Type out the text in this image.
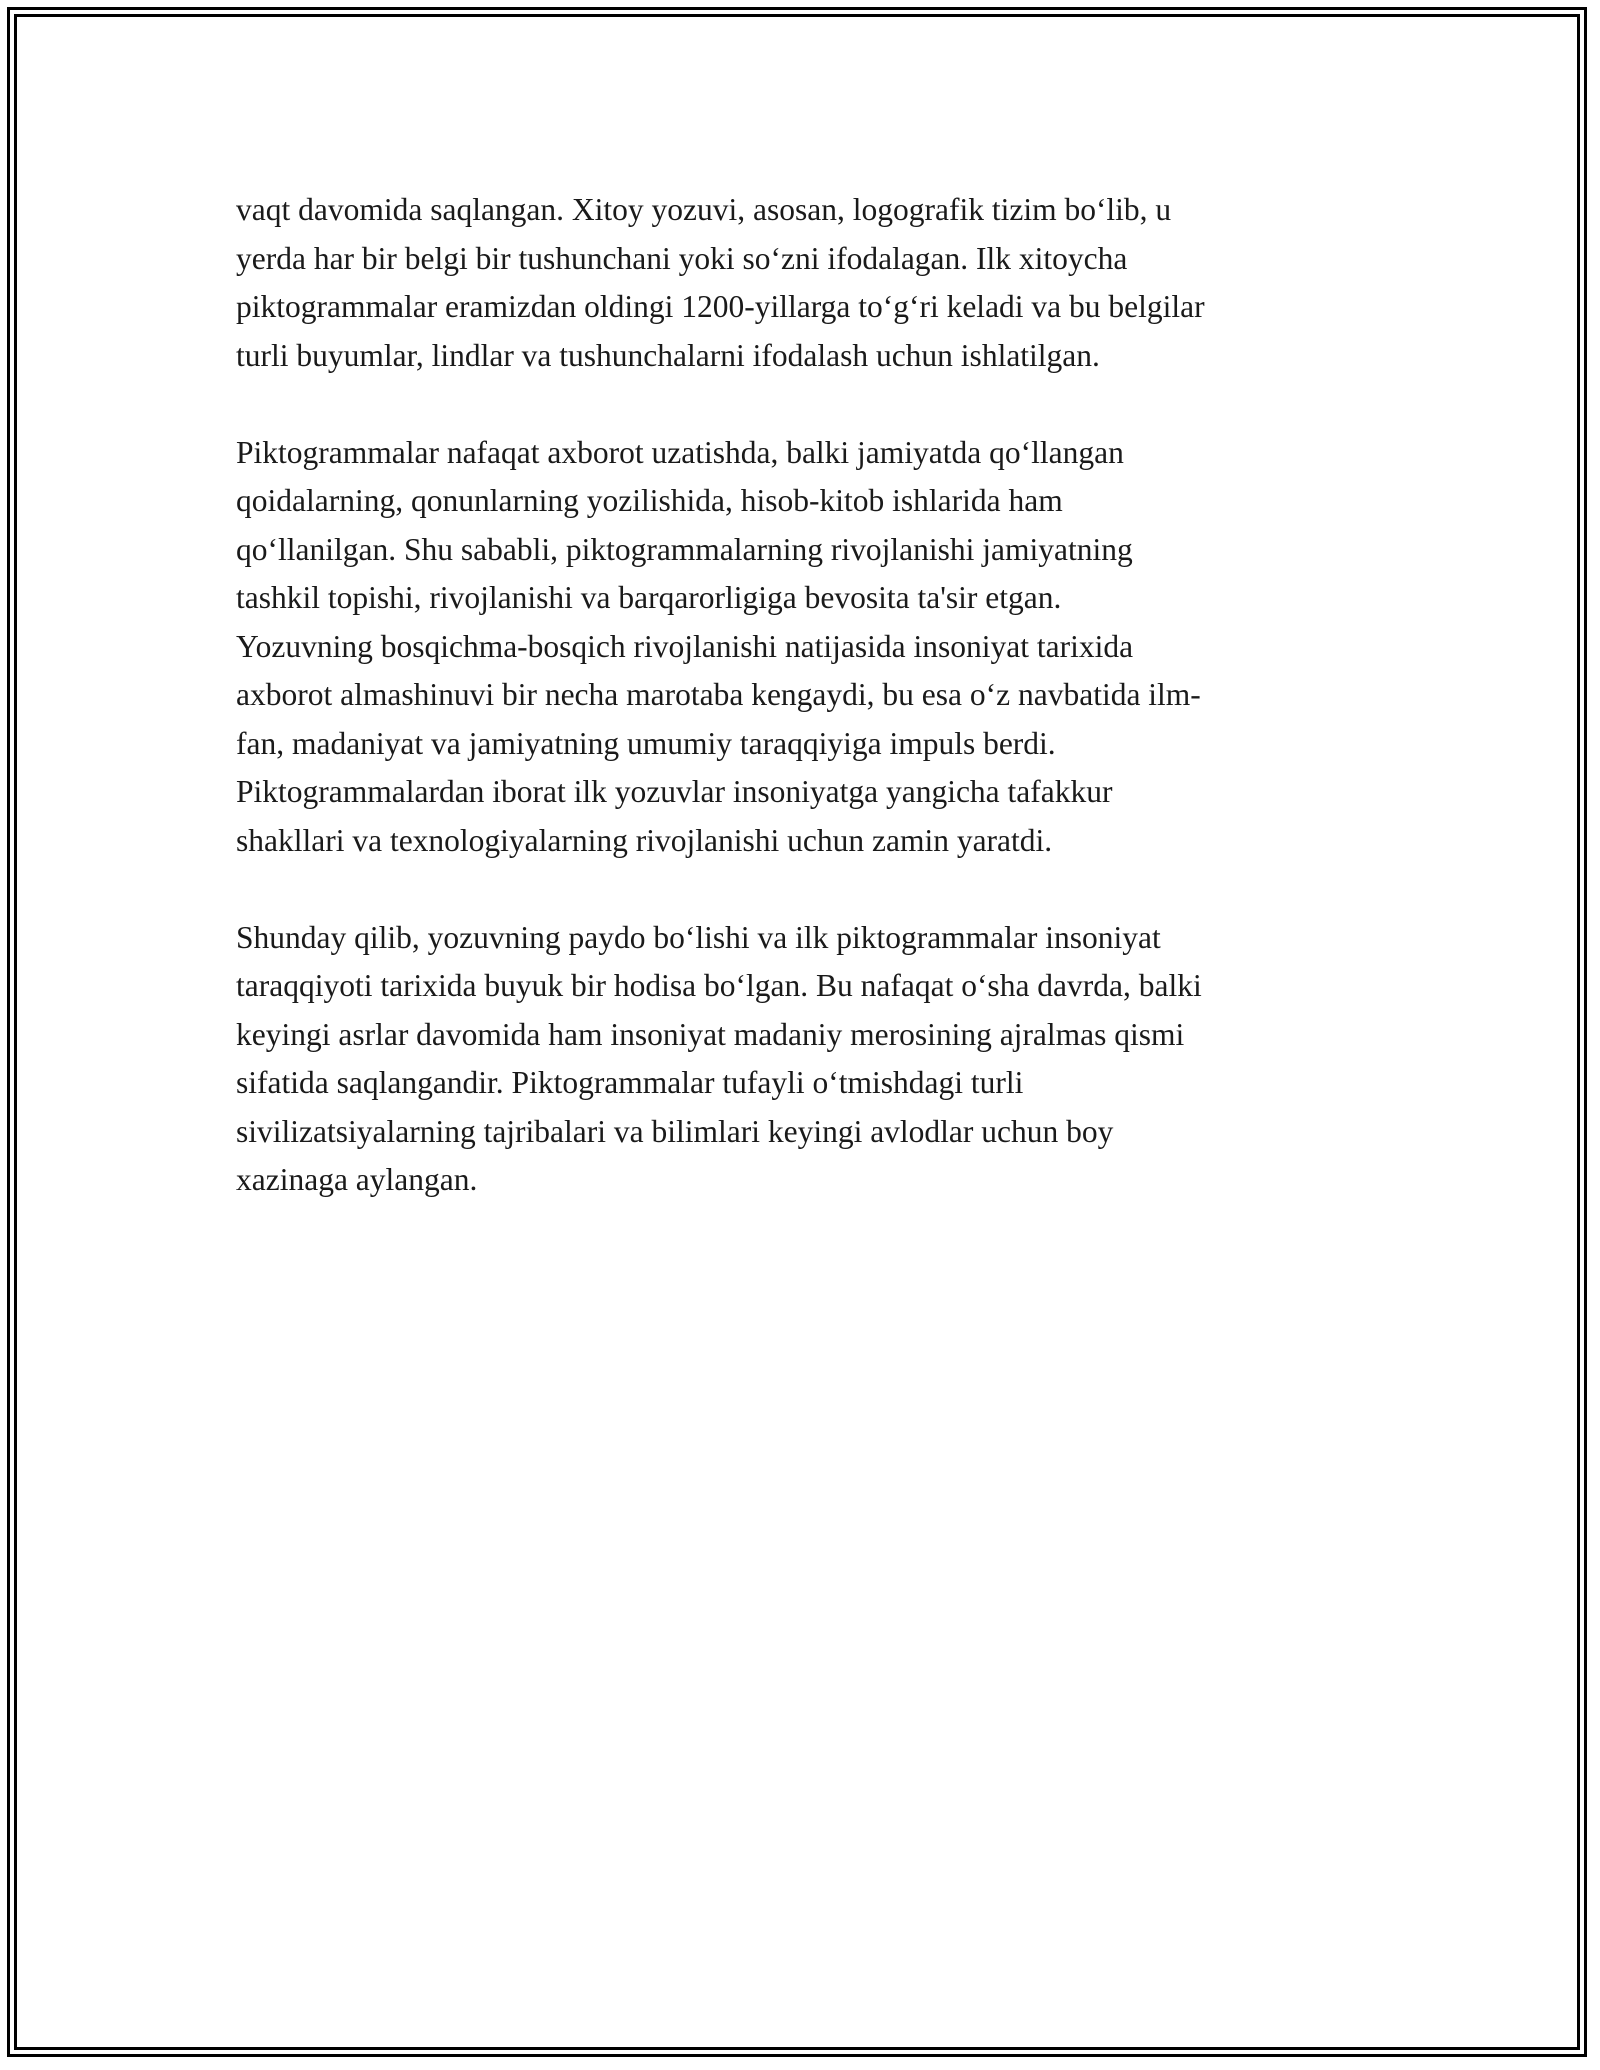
vaqt davomida saqlangan. Xitoy yozuvi, asosan, logografik tizim bo‘lib, u
yerda har bir belgi bir tushunchani yoki so‘zni ifodalagan. Ilk xitoycha
piktogrammalar eramizdan oldingi 1200-yillarga to‘g‘ri keladi va bu belgilar
turli buyumlar, lindlar va tushunchalarni ifodalash uchun ishlatilgan.

Piktogrammalar nafaqat axborot uzatishda, balki jamiyatda qo‘llangan
qoidalarning, qonunlarning yozilishida, hisob-kitob ishlarida ham
qo‘llanilgan. Shu sababli, piktogrammalarning rivojlanishi jamiyatning
tashkil topishi, rivojlanishi va barqarorligiga bevosita ta'sir etgan.
Yozuvning bosqichma-bosqich rivojlanishi natijasida insoniyat tarixida
axborot almashinuvi bir necha marotaba kengaydi, bu esa o‘z navbatida ilm-
fan, madaniyat va jamiyatning umumiy taraqqiyiga impuls berdi.
Piktogrammalardan iborat ilk yozuvlar insoniyatga yangicha tafakkur
shakllari va texnologiyalarning rivojlanishi uchun zamin yaratdi.

Shunday qilib, yozuvning paydo bo‘lishi va ilk piktogrammalar insoniyat
taraqqiyoti tarixida buyuk bir hodisa bo‘lgan. Bu nafaqat o‘sha davrda, balki
keyingi asrlar davomida ham insoniyat madaniy merosining ajralmas qismi
sifatida saqlangandir. Piktogrammalar tufayli o‘tmishdagi turli
sivilizatsiyalarning tajribalari va bilimlari keyingi avlodlar uchun boy
xazinaga aylangan.
